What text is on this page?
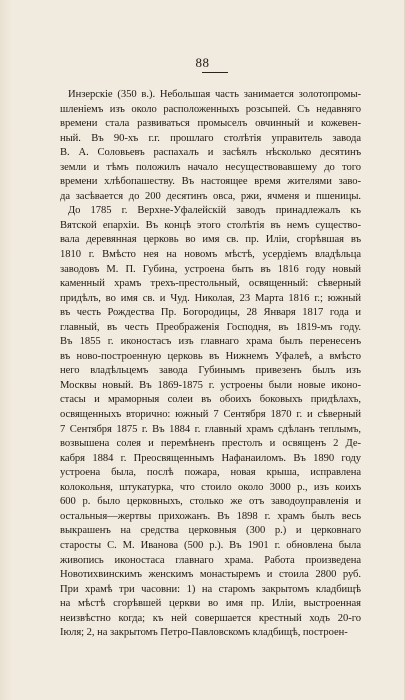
88
Инзерскіе (350 в.). Небольшая часть занимается золотопромы-
шленіемъ изъ около расположенныхъ розсыпей. Съ недавняго
времени стала развиваться промыселъ овчинный и кожевен-
ный. Въ 90-хъ г.г. прошлаго столѣтія управитель завода
В. А. Соловьевъ распахалъ и засѣялъ нѣсколько десятинъ
земли и тѣмъ положилъ начало несуществовавшему до того
времени хлѣбопашеству. Въ настоящее время жителями заво-
да засѣвается до 200 десятинъ овса, ржи, ячменя и пшеницы.
До 1785 г. Верхне-Уфалейскій заводъ принадлежалъ къ
Вятской епархіи. Въ концѣ этого столѣтія въ немъ существо-
вала деревянная церковь во имя св. пр. Иліи, сгорѣвшая въ
1810 г. Вмѣсто нея на новомъ мѣстѣ, усердіемъ владѣльца
заводовъ М. П. Губина, устроена быть въ 1816 году новый
каменный храмъ трехъ-престольный, освященный: сѣверный
придѣлъ, во имя св. и Чуд. Николая, 23 Марта 1816 г.; южный
въ честь Рождества Пр. Богородицы, 28 Января 1817 года и
главный, въ честь Преображенія Господня, въ 1819-мъ году.
Въ 1855 г. иконостасъ изъ главнаго храма былъ перенесенъ
въ ново-построенную церковь въ Нижнемъ Уфалеѣ, а вмѣсто
него владѣльцемъ завода Губинымъ привезенъ былъ изъ
Москвы новый. Въ 1869-1875 г. устроены были новые иконо-
стасы и мраморныя солеи въ обоихъ боковыхъ придѣлахъ,
освященныхъ вторично: южный 7 Сентября 1870 г. и сѣверный
7 Сентября 1875 г. Въ 1884 г. главный храмъ сдѣланъ теплымъ,
возвышена солея и перемѣненъ престолъ и освященъ 2 Де-
кабря 1884 г. Преосвященнымъ Нафанаиломъ. Въ 1890 году
устроена была, послѣ пожара, новая крыша, исправлена
колокольня, штукатурка, что стоило около 3000 р., изъ коихъ
600 р. было церковныхъ, столько же отъ заводоуправленія и
остальныя—жертвы прихожанъ. Въ 1898 г. храмъ былъ весь
выкрашенъ на средства церковныя (300 р.) и церковнаго
старосты С. М. Иванова (500 р.). Въ 1901 г. обновлена была
живопись иконостаса главнаго храма. Работа произведена
Новотихвинскимъ женскимъ монастыремъ и стоила 2800 руб.
При храмѣ три часовни: 1) на старомъ закрытомъ кладбищѣ
на мѣстѣ сгорѣвшей церкви во имя пр. Иліи, выстроенная
неизвѣстно когда; къ ней совершается крестный ходъ 20-го
Іюля; 2, на закрытомъ Петро-Павловскомъ кладбищѣ, построен-
